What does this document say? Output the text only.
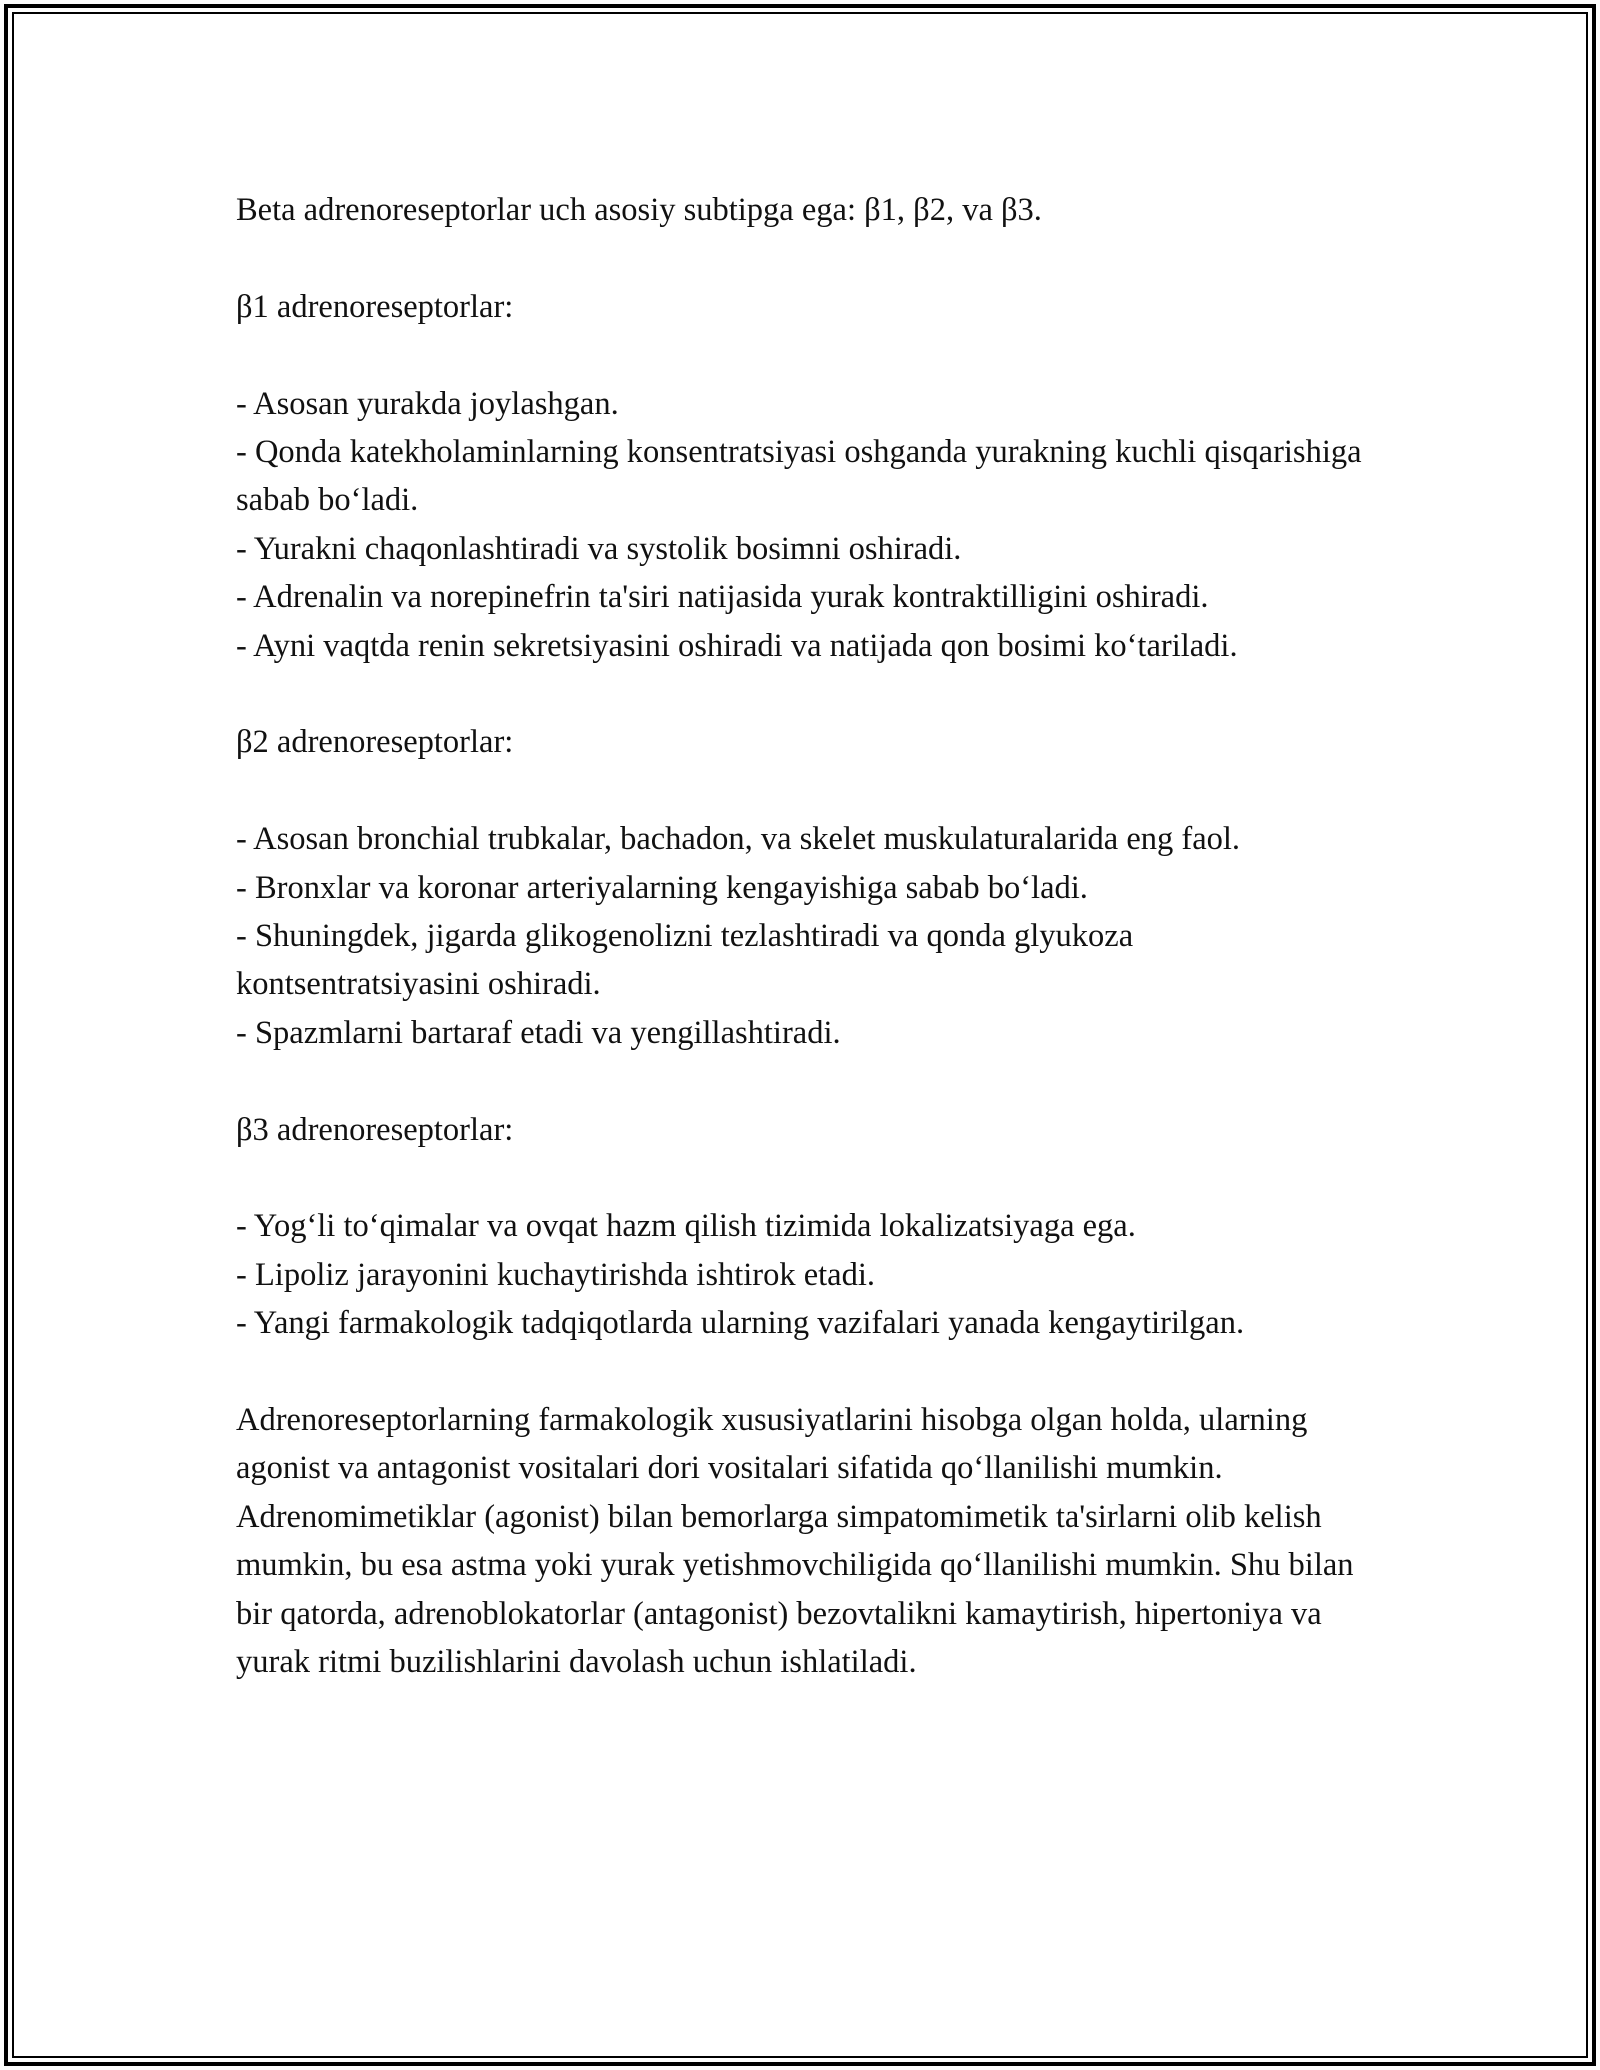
Beta adrenoreseptorlar uch asosiy subtipga ega: β1, β2, va β3.

β1 adrenoreseptorlar:

- Asosan yurakda joylashgan.

- Qonda katekholaminlarning konsentratsiyasi oshganda yurakning kuchli qisqarishiga sabab bo‘ladi.

- Yurakni chaqonlashtiradi va systolik bosimni oshiradi.

- Adrenalin va norepinefrin ta'siri natijasida yurak kontraktilligini oshiradi.

- Ayni vaqtda renin sekretsiyasini oshiradi va natijada qon bosimi ko‘tariladi.

β2 adrenoreseptorlar:

- Asosan bronchial trubkalar, bachadon, va skelet muskulaturalarida eng faol.

- Bronxlar va koronar arteriyalarning kengayishiga sabab bo‘ladi.

- Shuningdek, jigarda glikogenolizni tezlashtiradi va qonda glyukoza kontsentratsiyasini oshiradi.

- Spazmlarni bartaraf etadi va yengillashtiradi.

β3 adrenoreseptorlar:

- Yog‘li to‘qimalar va ovqat hazm qilish tizimida lokalizatsiyaga ega.

- Lipoliz jarayonini kuchaytirishda ishtirok etadi.

- Yangi farmakologik tadqiqotlarda ularning vazifalari yanada kengaytirilgan.

Adrenoreseptorlarning farmakologik xususiyatlarini hisobga olgan holda, ularning agonist va antagonist vositalari dori vositalari sifatida qo‘llanilishi mumkin. Adrenomimetiklar (agonist) bilan bemorlarga simpatomimetik ta'sirlarni olib kelish mumkin, bu esa astma yoki yurak yetishmovchiligida qo‘llanilishi mumkin. Shu bilan bir qatorda, adrenoblokatorlar (antagonist) bezovtalikni kamaytirish, hipertoniya va yurak ritmi buzilishlarini davolash uchun ishlatiladi.
